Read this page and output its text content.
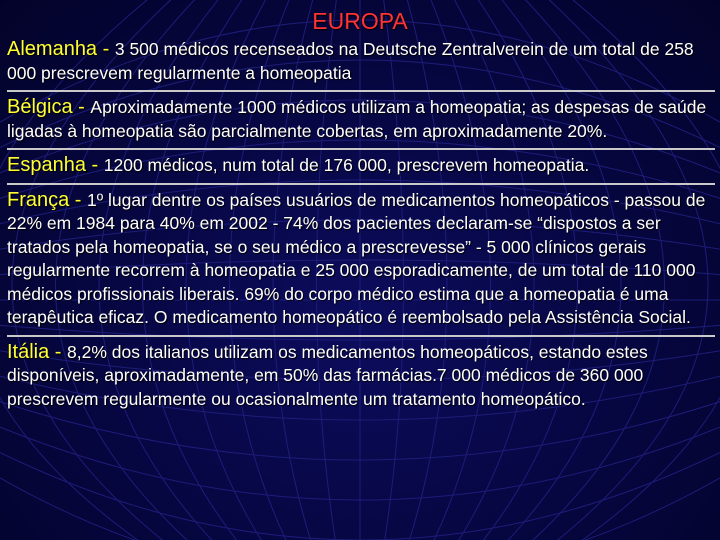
EUROPA
Alemanha - 3 500 médicos recenseados na Deutsche Zentralverein de um total de 258 000 prescrevem regularmente a homeopatia
Bélgica - Aproximadamente 1000 médicos utilizam a homeopatia; as despesas de saúde ligadas à homeopatia são parcialmente cobertas, em aproximadamente 20%.
Espanha - 1200 médicos, num total de 176 000, prescrevem homeopatia.
França - 1º lugar dentre os países usuários de medicamentos homeopáticos - passou de 22% em 1984 para 40% em 2002 - 74% dos pacientes declaram-se “dispostos a ser tratados pela homeopatia, se o seu médico a prescrevesse” - 5 000 clínicos gerais regularmente recorrem à homeopatia e 25 000 esporadicamente, de um total de 110 000 médicos profissionais liberais. 69% do corpo médico estima que a homeopatia é uma terapêutica eficaz. O medicamento homeopático é reembolsado pela Assistência Social.
Itália - 8,2% dos italianos utilizam os medicamentos homeopáticos, estando estes disponíveis, aproximadamente, em 50% das farmácias.7 000 médicos de 360 000 prescrevem regularmente ou ocasionalmente um tratamento homeopático.
